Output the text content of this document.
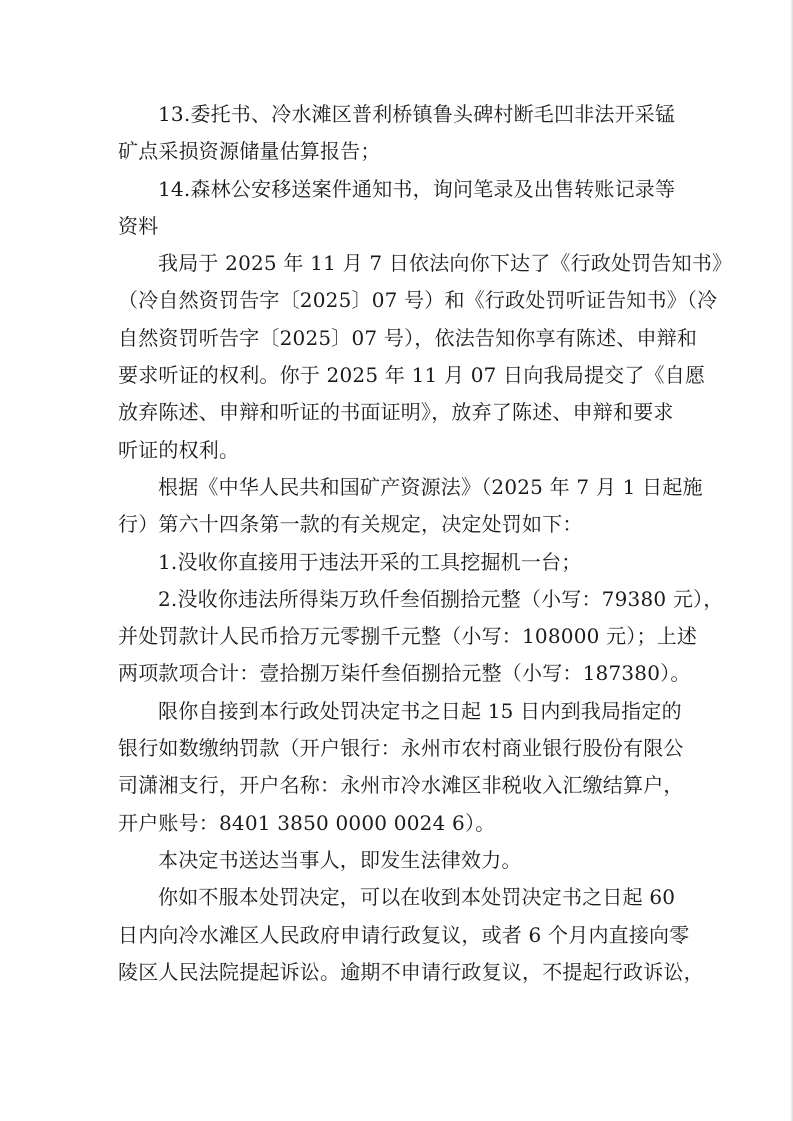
13.委托书、冷水滩区普利桥镇鲁头碑村断毛凹非法开采锰
矿点采损资源储量估算报告；
14.森林公安移送案件通知书，询问笔录及出售转账记录等
资料
我局于 2025 年 11 月 7 日依法向你下达了《行政处罚告知书》
（冷自然资罚告字〔2025〕07 号）和《行政处罚听证告知书》（冷
自然资罚听告字〔2025〕07 号），依法告知你享有陈述、申辩和
要求听证的权利。你于 2025 年 11 月 07 日向我局提交了《自愿
放弃陈述、申辩和听证的书面证明》，放弃了陈述、申辩和要求
听证的权利。
根据《中华人民共和国矿产资源法》（2025 年 7 月 1 日起施
行）第六十四条第一款的有关规定，决定处罚如下：
1.没收你直接用于违法开采的工具挖掘机一台；
2.没收你违法所得柒万玖仟叁佰捌拾元整（小写：79380 元），
并处罚款计人民币拾万元零捌千元整（小写：108000 元）；上述
两项款项合计：壹拾捌万柒仟叁佰捌拾元整（小写：187380）。
限你自接到本行政处罚决定书之日起 15 日内到我局指定的
银行如数缴纳罚款（开户银行：永州市农村商业银行股份有限公
司潇湘支行，开户名称：永州市冷水滩区非税收入汇缴结算户，
开户账号：8401 3850 0000 0024 6）。
本决定书送达当事人，即发生法律效力。
你如不服本处罚决定，可以在收到本处罚决定书之日起 60
日内向冷水滩区人民政府申请行政复议，或者 6 个月内直接向零
陵区人民法院提起诉讼。逾期不申请行政复议，不提起行政诉讼，
